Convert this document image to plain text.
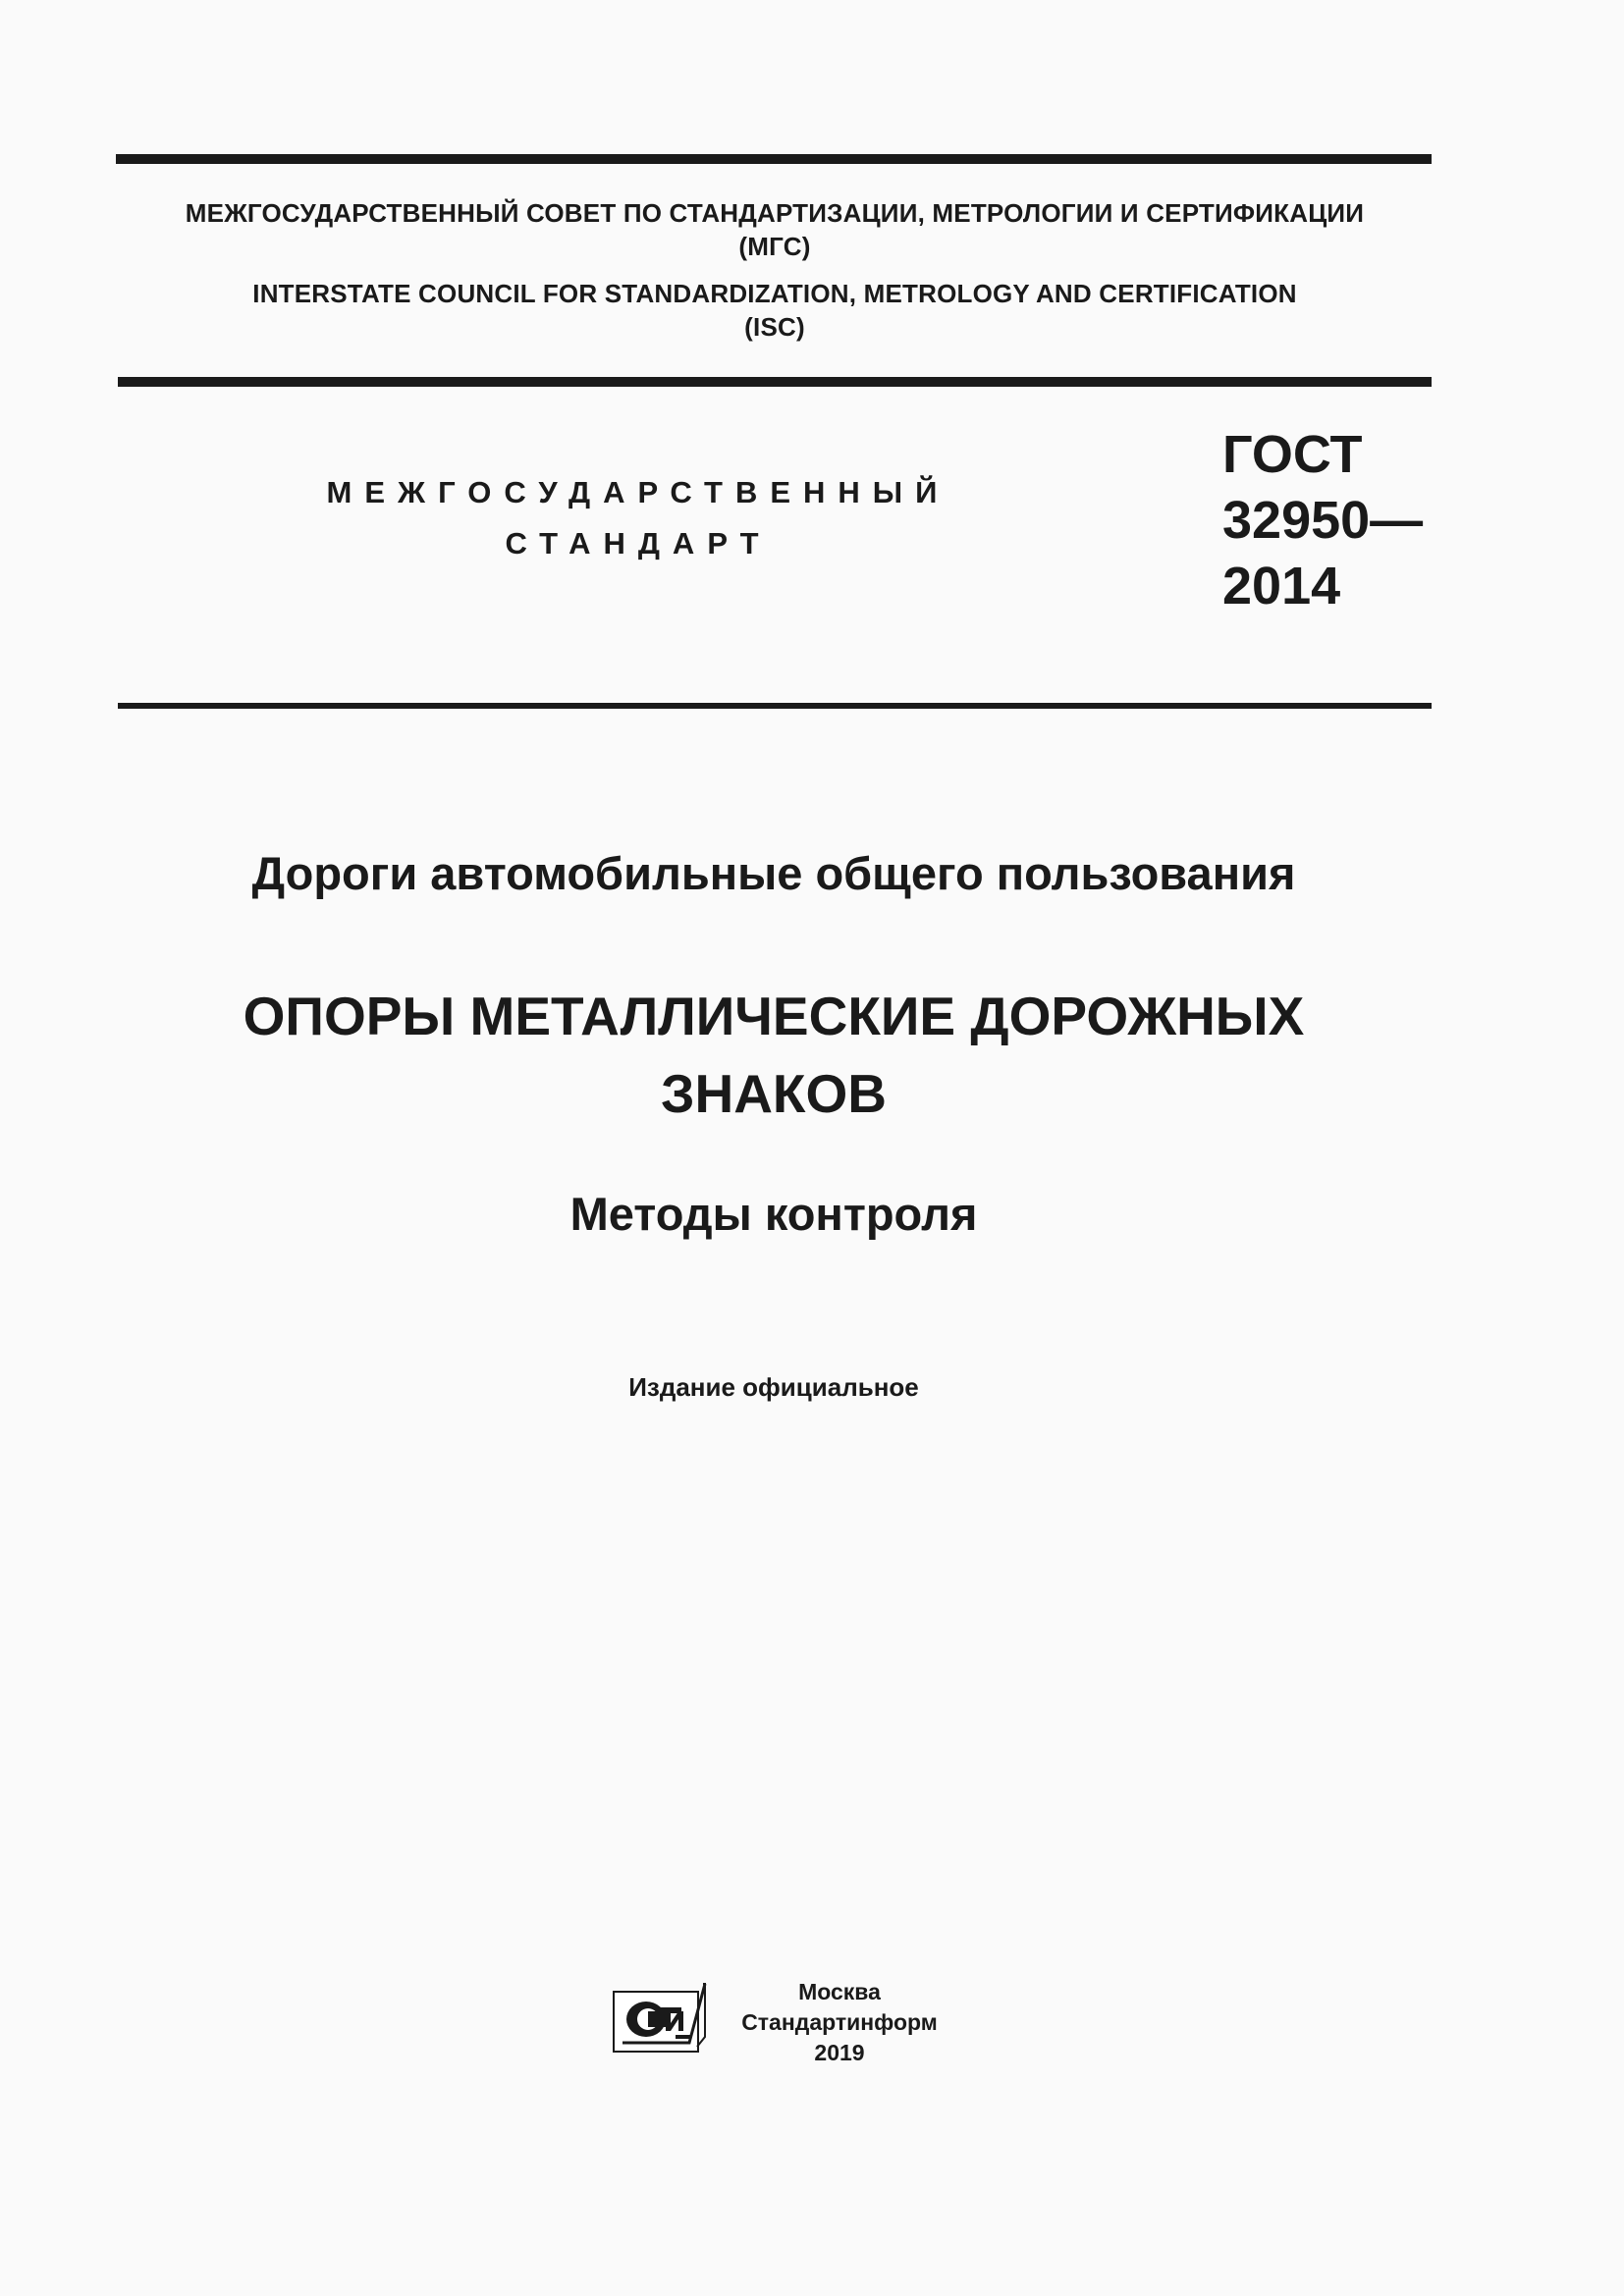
МЕЖГОСУДАРСТВЕННЫЙ СОВЕТ ПО СТАНДАРТИЗАЦИИ, МЕТРОЛОГИИ И СЕРТИФИКАЦИИ
(МГС)
INTERSTATE COUNCIL FOR STANDARDIZATION, METROLOGY AND CERTIFICATION
(ISC)
МЕЖГОСУДАРСТВЕННЫЙ
СТАНДАРТ
ГОСТ
32950—
2014
Дороги автомобильные общего пользования
ОПОРЫ МЕТАЛЛИЧЕСКИЕ ДОРОЖНЫХ
ЗНАКОВ
Методы контроля
Издание официальное
Москва
Стандартинформ
2019
